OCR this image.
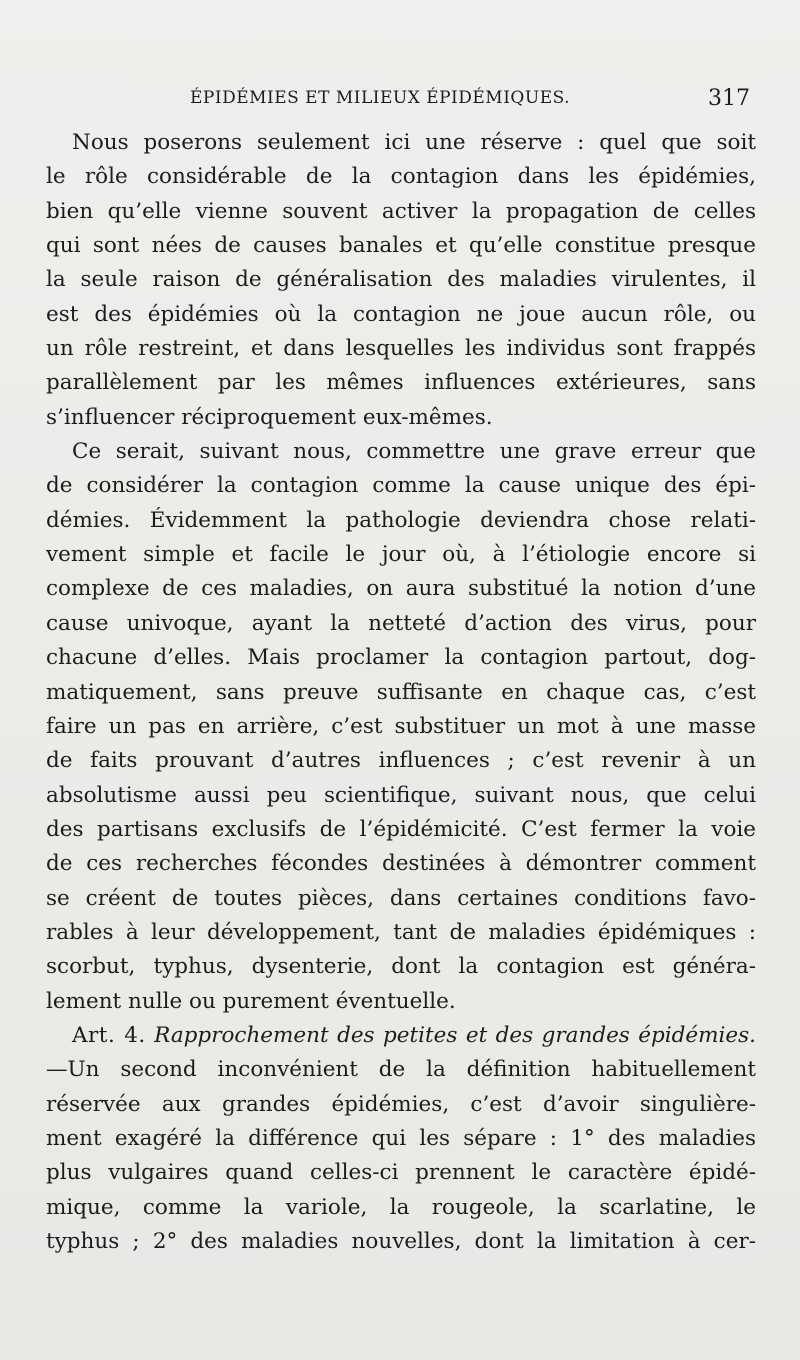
ÉPIDÉMIES ET MILIEUX ÉPIDÉMIQUES.	317
Nous poserons seulement ici une réserve : quel que soit
le rôle considérable de la contagion dans les épidémies,
bien qu’elle vienne souvent activer la propagation de celles
qui sont nées de causes banales et qu’elle constitue presque
la seule raison de généralisation des maladies virulentes, il
est des épidémies où la contagion ne joue aucun rôle, ou
un rôle restreint, et dans lesquelles les individus sont frappés
parallèlement par les mêmes influences extérieures, sans
s’influencer réciproquement eux-mêmes.
Ce serait, suivant nous, commettre une grave erreur que
de considérer la contagion comme la cause unique des épi-
démies. Évidemment la pathologie deviendra chose relati-
vement simple et facile le jour où, à l’étiologie encore si
complexe de ces maladies, on aura substitué la notion d’une
cause univoque, ayant la netteté d’action des virus, pour
chacune d’elles. Mais proclamer la contagion partout, dog-
matiquement, sans preuve suffisante en chaque cas, c’est
faire un pas en arrière, c’est substituer un mot à une masse
de faits prouvant d’autres influences ; c’est revenir à un
absolutisme aussi peu scientifique, suivant nous, que celui
des partisans exclusifs de l’épidémicité. C’est fermer la voie
de ces recherches fécondes destinées à démontrer comment
se créent de toutes pièces, dans certaines conditions favo-
rables à leur développement, tant de maladies épidémiques :
scorbut, typhus, dysenterie, dont la contagion est généra-
lement nulle ou purement éventuelle.
Art. 4. Rapprochement des petites et des grandes épidémies.
—Un second inconvénient de la définition habituellement
réservée aux grandes épidémies, c’est d’avoir singulière-
ment exagéré la différence qui les sépare : 1° des maladies
plus vulgaires quand celles-ci prennent le caractère épidé-
mique, comme la variole, la rougeole, la scarlatine, le
typhus ; 2° des maladies nouvelles, dont la limitation à cer-
